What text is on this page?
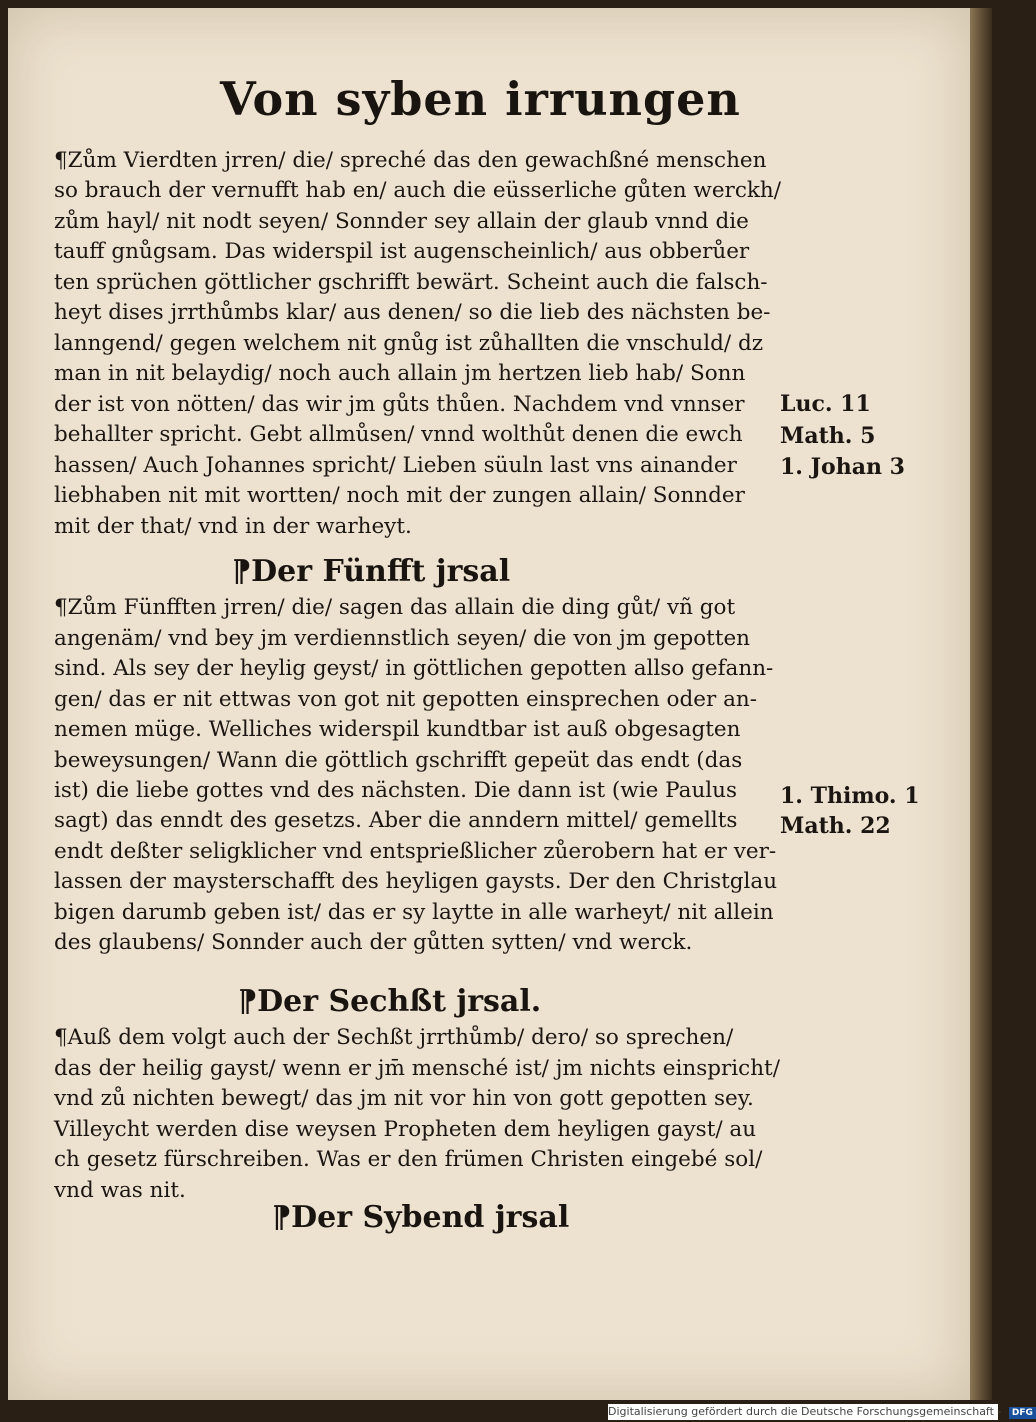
Von syben irrungen
¶Zům Vierdten jrren/ die/ spreché das den gewachßné menschen
so brauch der vernufft hab en/ auch die eüsserliche gůten werckh/
zům hayl/ nit nodt seyen/ Sonnder sey allain der glaub vnnd die
tauff gnůgsam. Das widerspil ist augenscheinlich/ aus obberůer
ten sprüchen göttlicher gschrifft bewärt. Scheint auch die falsch-
heyt dises jrrthůmbs klar/ aus denen/ so die lieb des nächsten be-
lanngend/ gegen welchem nit gnůg ist zůhallten die vnschuld/ dz
man in nit belaydig/ noch auch allain jm hertzen lieb hab/ Sonn
der ist von nötten/ das wir jm gůts thůen. Nachdem vnd vnnser
behallter spricht. Gebt allmůsen/ vnnd wolthůt denen die ewch
hassen/ Auch Johannes spricht/ Lieben süuln last vns ainander
liebhaben nit mit wortten/ noch mit der zungen allain/ Sonnder
mit der that/ vnd in der warheyt.
⁋Der Fünfft jrsal
¶Zům Fünfften jrren/ die/ sagen das allain die ding gůt/ vñ got
angenäm/ vnd bey jm verdiennstlich seyen/ die von jm gepotten
sind. Als sey der heylig geyst/ in göttlichen gepotten allso gefann-
gen/ das er nit ettwas von got nit gepotten einsprechen oder an-
nemen müge. Welliches widerspil kundtbar ist auß obgesagten
beweysungen/ Wann die göttlich gschrifft gepeüt das endt (das
ist) die liebe gottes vnd des nächsten. Die dann ist (wie Paulus
sagt) das enndt des gesetzs. Aber die anndern mittel/ gemellts
endt deßter seligklicher vnd entsprießlicher zůerobern hat er ver-
lassen der maysterschafft des heyligen gaysts. Der den Christglau
bigen darumb geben ist/ das er sy laytte in alle warheyt/ nit allein
des glaubens/ Sonnder auch der gůtten sytten/ vnd werck.
⁋Der Sechßt jrsal.
¶Auß dem volgt auch der Sechßt jrrthůmb/ dero/ so sprechen/
das der heilig gayst/ wenn er jm̄ mensché ist/ jm nichts einspricht/
vnd zů nichten bewegt/ das jm nit vor hin von gott gepotten sey.
Villeycht werden dise weysen Propheten dem heyligen gayst/ au
ch gesetz fürschreiben. Was er den frümen Christen eingebé sol/
vnd was nit.
⁋Der Sybend jrsal
Luc. 11
Math. 5
1. Johan 3
1. Thimo. 1
Math. 22
Digitalisierung gefördert durch die Deutsche Forschungsgemeinschaft - DFG
